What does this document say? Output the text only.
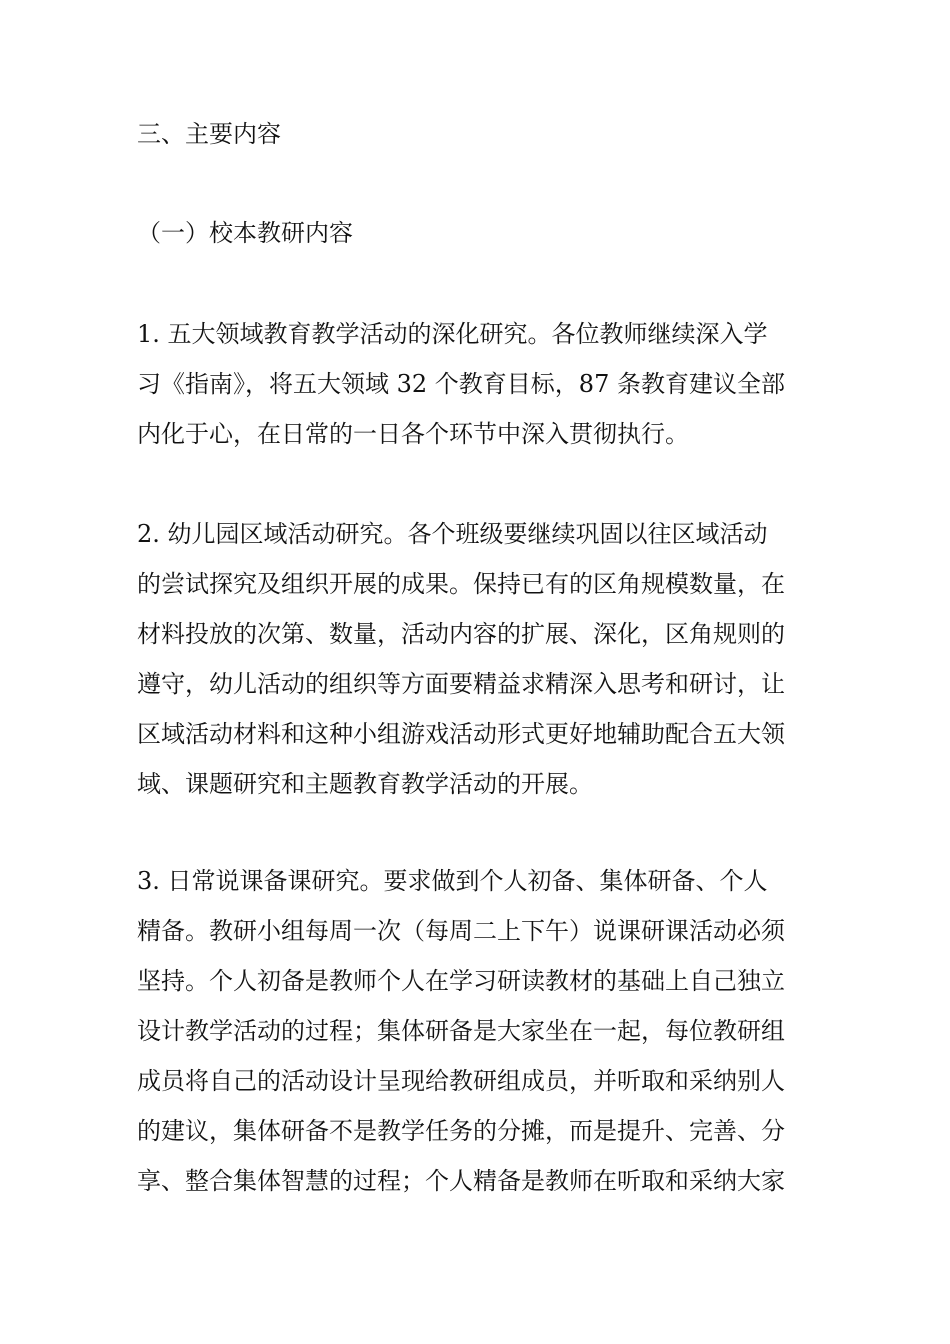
三、主要内容
（一）校本教研内容
1. 五大领域教育教学活动的深化研究。各位教师继续深入学
习《指南》，将五大领域 32 个教育目标，87 条教育建议全部
内化于心，在日常的一日各个环节中深入贯彻执行。
2. 幼儿园区域活动研究。各个班级要继续巩固以往区域活动
的尝试探究及组织开展的成果。保持已有的区角规模数量，在
材料投放的次第、数量，活动内容的扩展、深化，区角规则的
遵守，幼儿活动的组织等方面要精益求精深入思考和研讨，让
区域活动材料和这种小组游戏活动形式更好地辅助配合五大领
域、课题研究和主题教育教学活动的开展。
3. 日常说课备课研究。要求做到个人初备、集体研备、个人
精备。教研小组每周一次（每周二上下午）说课研课活动必须
坚持。个人初备是教师个人在学习研读教材的基础上自己独立
设计教学活动的过程；集体研备是大家坐在一起，每位教研组
成员将自己的活动设计呈现给教研组成员，并听取和采纳别人
的建议，集体研备不是教学任务的分摊，而是提升、完善、分
享、整合集体智慧的过程；个人精备是教师在听取和采纳大家
